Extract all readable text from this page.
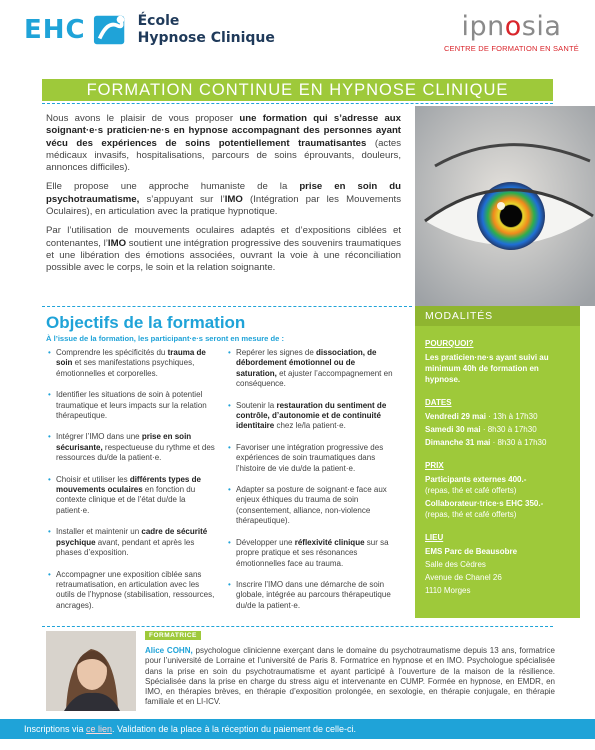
EHC	École
Hypnose Clinique	ipnosia
CENTRE DE FORMATION EN SANTÉ
FORMATION CONTINUE EN HYPNOSE CLINIQUE

Nous avons le plaisir de vous proposer une formation qui s’adresse aux soignant·e·s praticien·ne·s en hypnose accompagnant des personnes ayant vécu des expériences de soins potentiellement traumatisantes (actes médicaux invasifs, hospitalisations, parcours de soins éprouvants, douleurs, annonces difficiles).

Elle propose une approche humaniste de la prise en soin du psychotraumatisme, s’appuyant sur l’IMO (Intégration par les Mouvements Oculaires), en articulation avec la pratique hypnotique.

Par l’utilisation de mouvements oculaires adaptés et d’expositions ciblées et contenantes, l’IMO soutient une intégration progressive des souvenirs traumatiques et une libération des émotions associées, ouvrant la voie à une réconciliation possible avec le corps, le soin et la relation soignante.

Objectifs de la formation
À l’issue de la formation, les participant·e·s seront en mesure de :
• Comprendre les spécificités du trauma de soin et ses manifestations psychiques, émotionnelles et corporelles.
• Identifier les situations de soin à potentiel traumatique et leurs impacts sur la relation thérapeutique.
• Intégrer l’IMO dans une prise en soin sécurisante, respectueuse du rythme et des ressources du/de la patient·e.
• Choisir et utiliser les différents types de mouvements oculaires en fonction du contexte clinique et de l’état du/de la patient·e.
• Installer et maintenir un cadre de sécurité psychique avant, pendant et après les phases d’exposition.
• Accompagner une exposition ciblée sans retraumatisation, en articulation avec les outils de l’hypnose (stabilisation, ressources, ancrages).
• Repérer les signes de dissociation, de débordement émotionnel ou de saturation, et ajuster l’accompagnement en conséquence.
• Soutenir la restauration du sentiment de contrôle, d’autonomie et de continuité identitaire chez le/la patient·e.
• Favoriser une intégration progressive des expériences de soin traumatiques dans l’histoire de vie du/de la patient·e.
• Adapter sa posture de soignant·e face aux enjeux éthiques du trauma de soin (consentement, alliance, non-violence thérapeutique).
• Développer une réflexivité clinique sur sa propre pratique et ses résonances émotionnelles face au trauma.
• Inscrire l’IMO dans une démarche de soin globale, intégrée au parcours thérapeutique du/de la patient·e.
MODALITÉS
POURQUOI?
Les praticien·ne·s ayant suivi au minimum 40h de formation en hypnose.
DATES
Vendredi 29 mai · 13h à 17h30
Samedi 30 mai · 8h30 à 17h30
Dimanche 31 mai · 8h30 à 17h30
PRIX
Participants externes 400.-
(repas, thé et café offerts)
Collaborateur·trice·s EHC 350.-
(repas, thé et café offerts)
LIEU
EMS Parc de Beausobre
Salle des Cèdres
Avenue de Chanel 26
1110 Morges
FORMATRICE
Alice COHN, psychologue clinicienne exerçant dans le domaine du psychotraumatisme depuis 13 ans, formatrice pour l’université de Lorraine et l’université de Paris 8. Formatrice en hypnose et en IMO. Psychologue spécialisée dans la prise en soin du psychotraumatisme et ayant participé à l’ouverture de la maison de la résilience. Spécialisée dans la prise en charge du stress aigu et intervenante en CUMP. Formée en hypnose, en EMDR, en IMO, en thérapies brèves, en thérapie d’exposition prolongée, en sexologie, en thérapie conjugale, en thérapie familiale et en LI-ICV.
Inscriptions via ce lien. Validation de la place à la réception du paiement de celle-ci.
